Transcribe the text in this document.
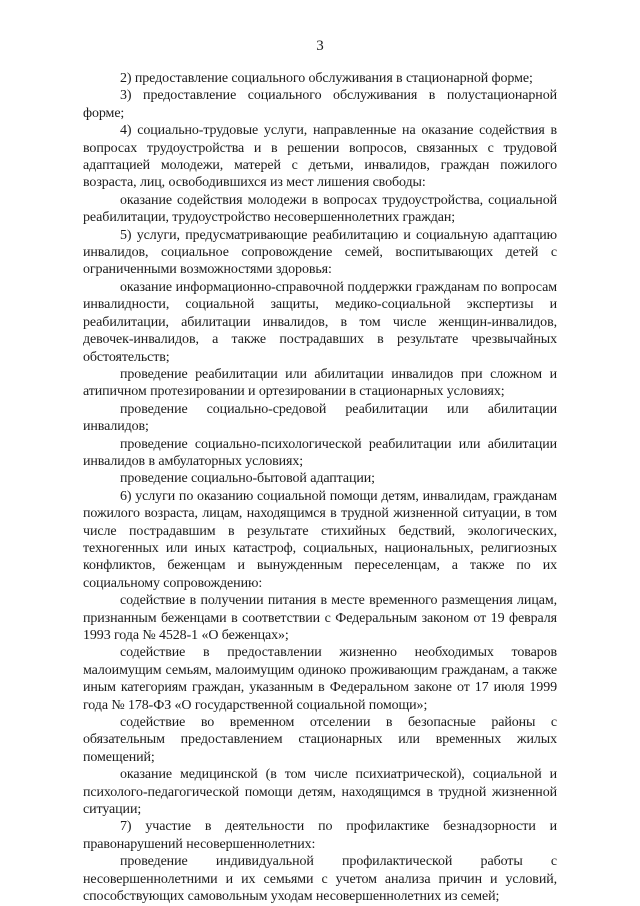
3

2) предоставление социального обслуживания в стационарной форме;

3) предоставление социального обслуживания в полустационарной форме;

4) социально-трудовые услуги, направленные на оказание содействия в вопросах трудоустройства и в решении вопросов, связанных с трудовой адаптацией молодежи, матерей с детьми, инвалидов, граждан пожилого возраста, лиц, освободившихся из мест лишения свободы:

оказание содействия молодежи в вопросах трудоустройства, социальной реабилитации, трудоустройство несовершеннолетних граждан;

5) услуги, предусматривающие реабилитацию и социальную адаптацию инвалидов, социальное сопровождение семей, воспитывающих детей с ограниченными возможностями здоровья:

оказание информационно-справочной поддержки гражданам по вопросам инвалидности, социальной защиты, медико-социальной экспертизы и реабилитации, абилитации инвалидов, в том числе женщин-инвалидов, девочек-инвалидов, а также пострадавших в результате чрезвычайных обстоятельств;

проведение реабилитации или абилитации инвалидов при сложном и атипичном протезировании и ортезировании в стационарных условиях;

проведение социально-средовой реабилитации или абилитации инвалидов;

проведение социально-психологической реабилитации или абилитации инвалидов в амбулаторных условиях;

проведение социально-бытовой адаптации;

6) услуги по оказанию социальной помощи детям, инвалидам, гражданам пожилого возраста, лицам, находящимся в трудной жизненной ситуации, в том числе пострадавшим в результате стихийных бедствий, экологических, техногенных или иных катастроф, социальных, национальных, религиозных конфликтов, беженцам и вынужденным переселенцам, а также по их социальному сопровождению:

содействие в получении питания в месте временного размещения лицам, признанным беженцами в соответствии с Федеральным законом от 19 февраля 1993 года № 4528-1 «О беженцах»;

содействие в предоставлении жизненно необходимых товаров малоимущим семьям, малоимущим одиноко проживающим гражданам, а также иным категориям граждан, указанным в Федеральном законе от 17 июля 1999 года № 178-ФЗ «О государственной социальной помощи»;

содействие во временном отселении в безопасные районы с обязательным предоставлением стационарных или временных жилых помещений;

оказание медицинской (в том числе психиатрической), социальной и психолого-педагогической помощи детям, находящимся в трудной жизненной ситуации;

7) участие в деятельности по профилактике безнадзорности и правонарушений несовершеннолетних:

проведение индивидуальной профилактической работы с несовершеннолетними и их семьями с учетом анализа причин и условий, способствующих самовольным уходам несовершеннолетних из семей;
